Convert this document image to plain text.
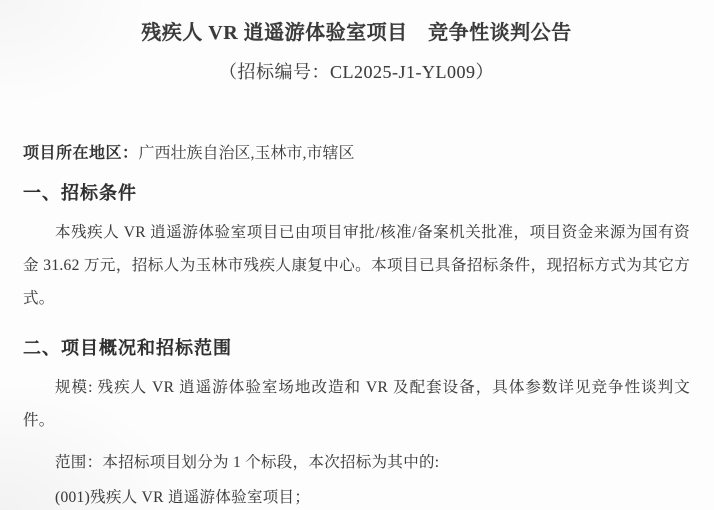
残疾人 VR 逍遥游体验室项目　竞争性谈判公告
（招标编号：CL2025-J1-YL009）

项目所在地区：广西壮族自治区,玉林市,市辖区

一、招标条件

本残疾人 VR 逍遥游体验室项目已由项目审批/核准/备案机关批准，项目资金来源为国有资金 31.62 万元，招标人为玉林市残疾人康复中心。本项目已具备招标条件，现招标方式为其它方式。

二、项目概况和招标范围

规模: 残疾人 VR 逍遥游体验室场地改造和 VR 及配套设备，具体参数详见竞争性谈判文件。

范围：本招标项目划分为 1 个标段，本次招标为其中的:

(001)残疾人 VR 逍遥游体验室项目；
